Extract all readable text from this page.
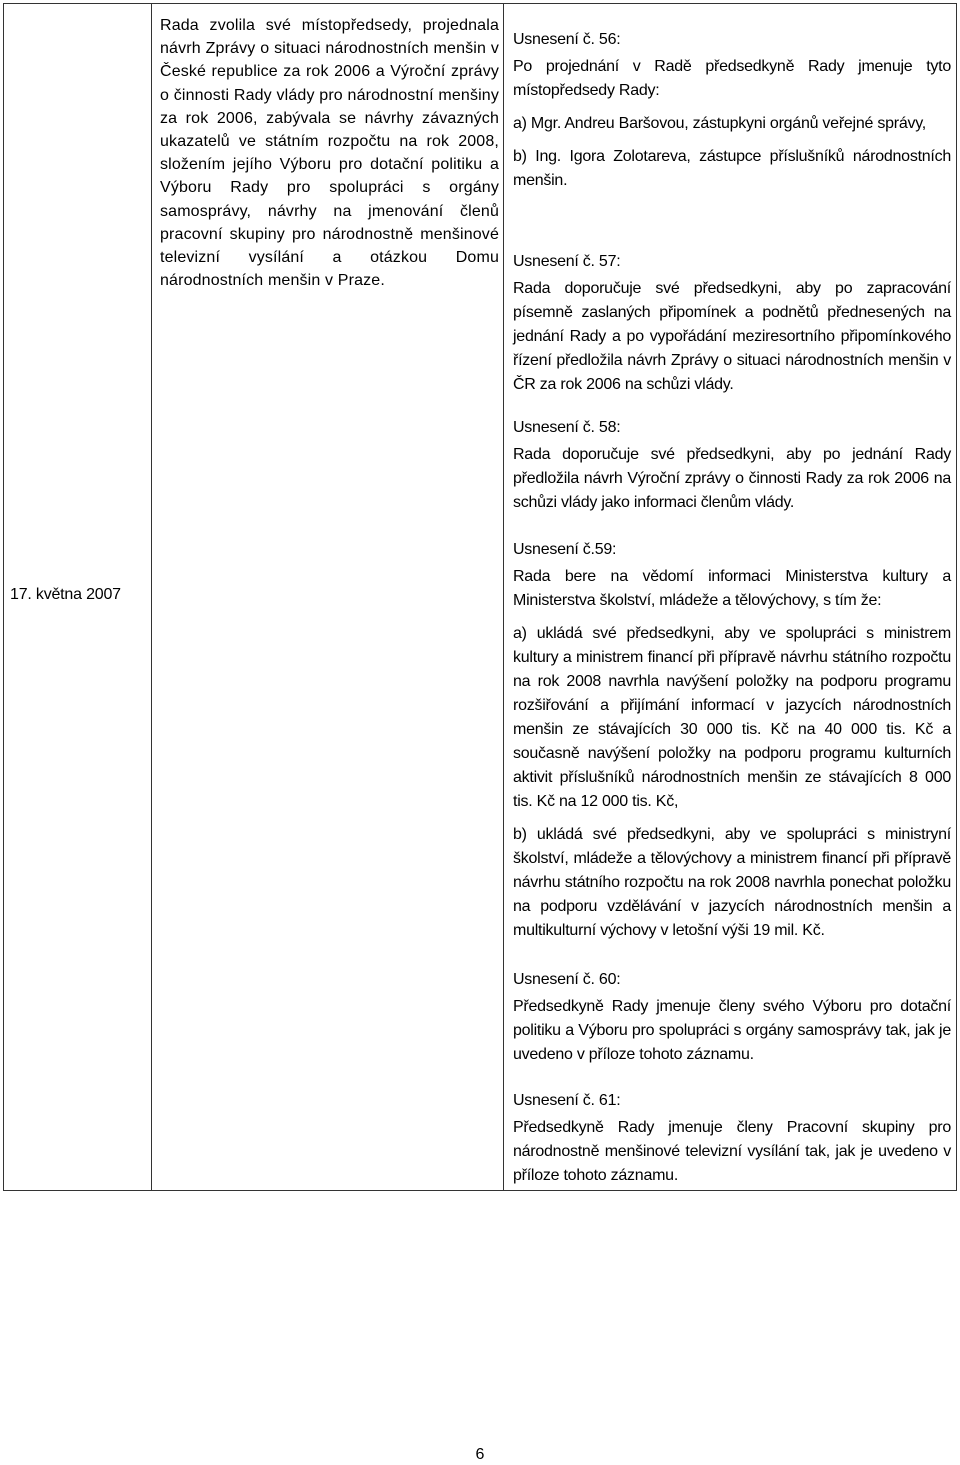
17. května 2007
Rada zvolila své místopředsedy, projednala návrh Zprávy o situaci národnostních menšin v České republice za rok 2006 a Výroční zprávy o činnosti Rady vlády pro národnostní menšiny za rok 2006, zabývala se návrhy závazných ukazatelů ve státním rozpočtu na rok 2008, složením jejího Výboru pro dotační politiku a Výboru Rady pro spolupráci s orgány samosprávy, návrhy na jmenování členů pracovní skupiny pro národnostně menšinové televizní vysílání a otázkou Domu národnostních menšin v Praze.
Usnesení č. 56:
Po projednání v Radě předsedkyně Rady jmenuje tyto místopředsedy Rady:
a) Mgr. Andreu Baršovou, zástupkyni orgánů veřejné správy,
b) Ing. Igora Zolotareva, zástupce příslušníků národnostních menšin.
Usnesení č. 57:
Rada doporučuje své předsedkyni, aby po zapracování písemně zaslaných připomínek a podnětů přednesených na jednání Rady a po vypořádání meziresortního připomínkového řízení předložila návrh Zprávy o situaci národnostních menšin v ČR za rok 2006 na schůzi vlády.
Usnesení č. 58:
Rada doporučuje své předsedkyni, aby po jednání Rady předložila návrh Výroční zprávy o činnosti Rady za rok 2006 na schůzi vlády jako informaci členům vlády.
Usnesení č.59:
Rada bere na vědomí informaci Ministerstva kultury a Ministerstva školství, mládeže a tělovýchovy, s tím že:
a) ukládá své předsedkyni, aby ve spolupráci s ministrem kultury a ministrem financí při přípravě návrhu státního rozpočtu na rok 2008 navrhla navýšení položky na podporu programu rozšiřování a přijímání informací v jazycích národnostních menšin ze stávajících 30 000 tis. Kč na 40 000 tis. Kč a současně navýšení položky na podporu programu kulturních aktivit příslušníků národnostních menšin ze stávajících 8 000 tis. Kč na 12 000 tis. Kč,
b) ukládá své předsedkyni, aby ve spolupráci s ministryní školství, mládeže a tělovýchovy a ministrem financí při přípravě návrhu státního rozpočtu na rok 2008 navrhla ponechat položku na podporu vzdělávání v jazycích národnostních menšin a multikulturní výchovy v letošní výši 19 mil. Kč.
Usnesení č. 60:
Předsedkyně Rady jmenuje členy svého Výboru pro dotační politiku a Výboru pro spolupráci s orgány samosprávy tak, jak je uvedeno v příloze tohoto záznamu.
Usnesení č. 61:
Předsedkyně Rady jmenuje členy Pracovní skupiny pro národnostně menšinové televizní vysílání tak, jak je uvedeno v příloze tohoto záznamu.
6
